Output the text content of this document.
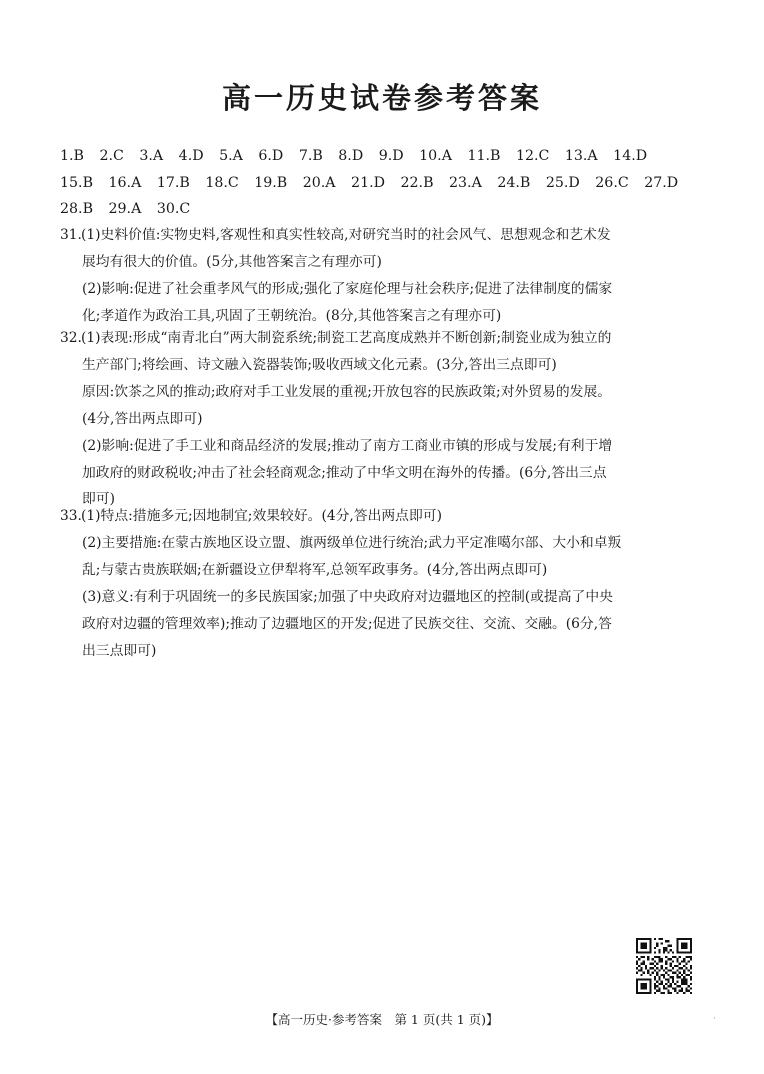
高一历史试卷参考答案
1.B 2.C 3.A 4.D 5.A 6.D 7.B 8.D 9.D 10.A 11.B 12.C 13.A 14.D
15.B 16.A 17.B 18.C 19.B 20.A 21.D 22.B 23.A 24.B 25.D 26.C 27.D
28.B 29.A 30.C
31. (1)史料价值:实物史料,客观性和真实性较高,对研究当时的社会风气、思想观念和艺术发
展均有很大的价值。(5分,其他答案言之有理亦可)
(2)影响:促进了社会重孝风气的形成;强化了家庭伦理与社会秩序;促进了法律制度的儒家
化;孝道作为政治工具,巩固了王朝统治。(8分,其他答案言之有理亦可)
32. (1)表现:形成“南青北白”两大制瓷系统;制瓷工艺高度成熟并不断创新;制瓷业成为独立的
生产部门;将绘画、诗文融入瓷器装饰;吸收西域文化元素。(3分,答出三点即可)
原因:饮茶之风的推动;政府对手工业发展的重视;开放包容的民族政策;对外贸易的发展。
(4分,答出两点即可)
(2)影响:促进了手工业和商品经济的发展;推动了南方工商业市镇的形成与发展;有利于增
加政府的财政税收;冲击了社会轻商观念;推动了中华文明在海外的传播。(6分,答出三点
即可)
33. (1)特点:措施多元;因地制宜;效果较好。(4分,答出两点即可)
(2)主要措施:在蒙古族地区设立盟、旗两级单位进行统治;武力平定准噶尔部、大小和卓叛
乱;与蒙古贵族联姻;在新疆设立伊犁将军,总领军政事务。(4分,答出两点即可)
(3)意义:有利于巩固统一的多民族国家;加强了中央政府对边疆地区的控制(或提高了中央
政府对边疆的管理效率);推动了边疆地区的开发;促进了民族交往、交流、交融。(6分,答
出三点即可)
【高一历史·参考答案　第 1 页(共 1 页)】	·
